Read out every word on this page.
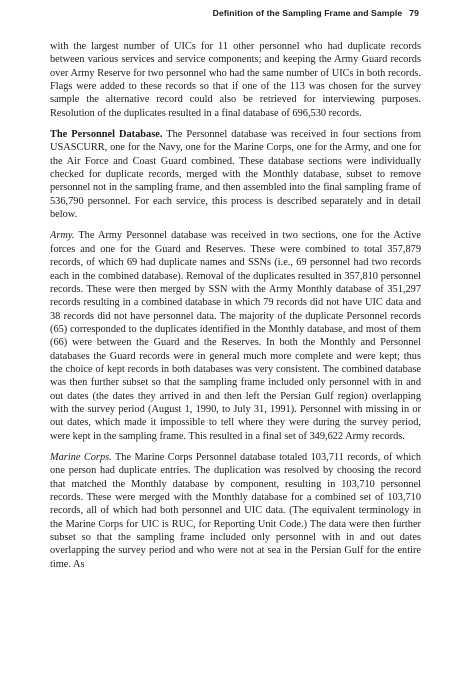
Definition of the Sampling Frame and Sample 79

with the largest number of UICs for 11 other personnel who had duplicate records between various services and service components; and keeping the Army Guard records over Army Reserve for two personnel who had the same number of UICs in both records. Flags were added to these records so that if one of the 113 was chosen for the survey sample the alternative record could also be retrieved for interviewing purposes. Resolution of the duplicates resulted in a final database of 696,530 records.

The Personnel Database. The Personnel database was received in four sections from USASCURR, one for the Navy, one for the Marine Corps, one for the Army, and one for the Air Force and Coast Guard combined. These database sections were individually checked for duplicate records, merged with the Monthly database, subset to remove personnel not in the sampling frame, and then assembled into the final sampling frame of 536,790 personnel. For each service, this process is described separately and in detail below.

Army. The Army Personnel database was received in two sections, one for the Active forces and one for the Guard and Reserves. These were combined to total 357,879 records, of which 69 had duplicate names and SSNs (i.e., 69 personnel had two records each in the combined database). Removal of the duplicates resulted in 357,810 personnel records. These were then merged by SSN with the Army Monthly database of 351,297 records resulting in a combined database in which 79 records did not have UIC data and 38 records did not have personnel data. The majority of the duplicate Personnel records (65) corresponded to the duplicates identified in the Monthly database, and most of them (66) were between the Guard and the Reserves. In both the Monthly and Personnel databases the Guard records were in general much more complete and were kept; thus the choice of kept records in both databases was very consistent. The combined database was then further subset so that the sampling frame included only personnel with in and out dates (the dates they arrived in and then left the Persian Gulf region) overlapping with the survey period (August 1, 1990, to July 31, 1991). Personnel with missing in or out dates, which made it impossible to tell where they were during the survey period, were kept in the sampling frame. This resulted in a final set of 349,622 Army records.

Marine Corps. The Marine Corps Personnel database totaled 103,711 records, of which one person had duplicate entries. The duplication was resolved by choosing the record that matched the Monthly database by component, resulting in 103,710 personnel records. These were merged with the Monthly database for a combined set of 103,710 records, all of which had both personnel and UIC data. (The equivalent terminology in the Marine Corps for UIC is RUC, for Reporting Unit Code.) The data were then further subset so that the sampling frame included only personnel with in and out dates overlapping the survey period and who were not at sea in the Persian Gulf for the entire time. As
